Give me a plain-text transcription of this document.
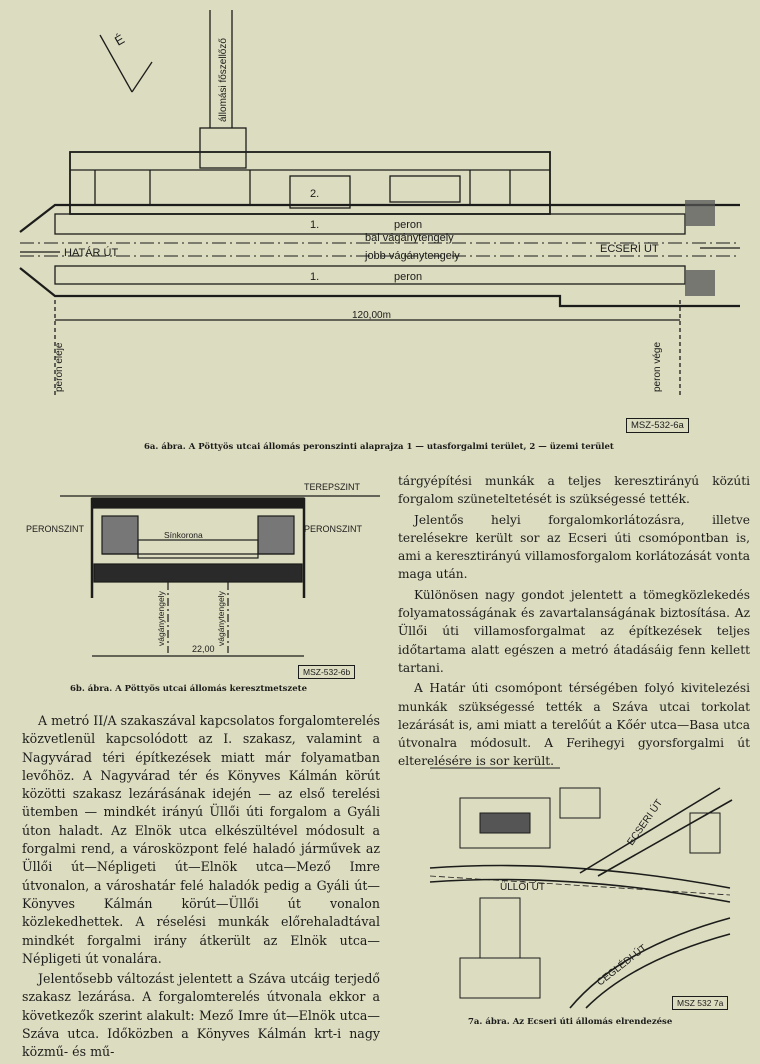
É	állomási főszellőző
2.
1.	peron
bal vágánytengely
jobb vágánytengely
1.	peron
HATÁR ÚT	ECSERI ÚT
120,00m
peron eleje	peron vége
MSZ-532-6a
6a. ábra. A Pöttyös utcai állomás peronszinti alaprajza 1 — utasforgalmi terület, 2 — üzemi terület
TEREPSZINT
PERONSZINT	PERONSZINT
Sínkorona
vágánytengely	vágánytengely
22,00
MSZ-532-6b
6b. ábra. A Pöttyös utcai állomás keresztmetszete

tárgyépítési munkák a teljes keresztirányú közúti forgalom szüneteltetését is szükségessé tették.

Jelentős helyi forgalomkorlátozásra, illetve terelésekre került sor az Ecseri úti csomópontban is, ami a keresztirányú villamosforgalom korlátozását vonta maga után.

Különösen nagy gondot jelentett a tömegközlekedés folyamatosságának és zavartalanságának biztosítása. Az Üllői úti villamosforgalmat az építkezések teljes időtartama alatt egészen a metró átadásáig fenn kellett tartani.

A Határ úti csomópont térségében folyó kivitelezési munkák szükségessé tették a Száva utcai torkolat lezárását is, ami miatt a terelőút a Kőér utca—Basa utca útvonalra módosult. A Ferihegyi gyorsforgalmi út elterelésére is sor került.

A metró II/A szakaszával kapcsolatos forgalomterelés közvetlenül kapcsolódott az I. szakasz, valamint a Nagyvárad téri építkezések miatt már folyamatban levőhöz. A Nagyvárad tér és Könyves Kálmán körút közötti szakasz lezárásának idején — az első terelési ütemben — mindkét irányú Üllői úti forgalom a Gyáli úton haladt. Az Elnök utca elkészültével módosult a forgalmi rend, a városközpont felé haladó járművek az Üllői út—Népligeti út—Elnök utca—Mező Imre útvonalon, a városhatár felé haladók pedig a Gyáli út—Könyves Kálmán körút—Üllői út vonalon közlekedhettek. A réselési munkák előrehaladtával mindkét forgalmi irány átkerült az Elnök utca—Népligeti út vonalára.

Jelentősebb változást jelentett a Száva utcáig terjedő szakasz lezárása. A forgalomterelés útvonala ekkor a következők szerint alakult: Mező Imre út—Elnök utca—Száva utca. Időközben a Könyves Kálmán krt-i nagy közmű- és mű-

ECSERI ÚT
ÜLLŐI ÚT
CEGLÉDI ÚT
MSZ 532 7a
7a. ábra. Az Ecseri úti állomás elrendezése
